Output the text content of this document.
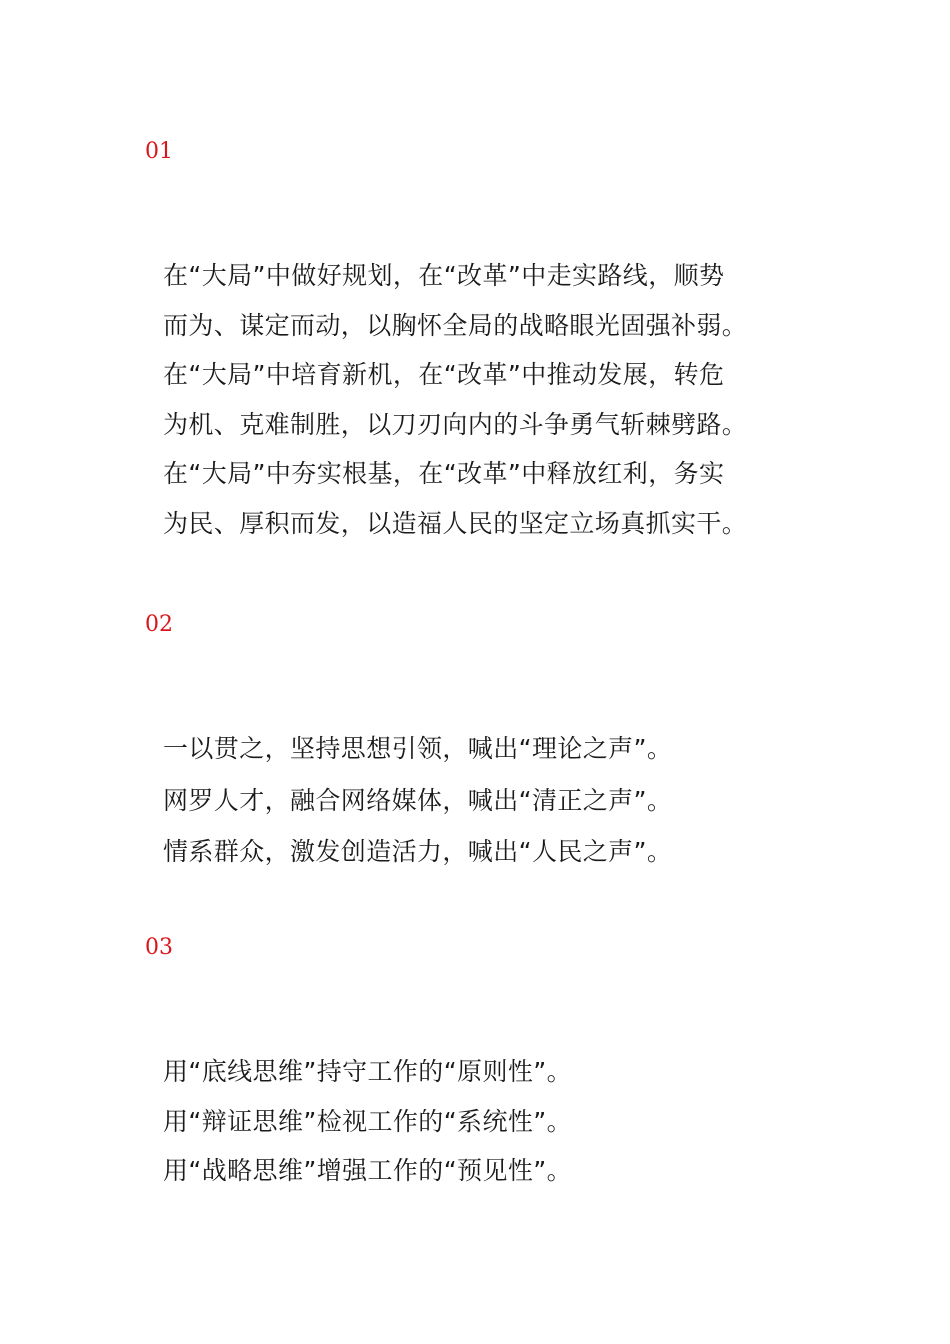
01

在“大局”中做好规划，在“改革”中走实路线，顺势
而为、谋定而动，以胸怀全局的战略眼光固强补弱。
在“大局”中培育新机，在“改革”中推动发展，转危
为机、克难制胜，以刀刃向内的斗争勇气斩棘劈路。
在“大局”中夯实根基，在“改革”中释放红利，务实
为民、厚积而发，以造福人民的坚定立场真抓实干。

02

一以贯之，坚持思想引领，喊出“理论之声”。
网罗人才，融合网络媒体，喊出“清正之声”。
情系群众，激发创造活力，喊出“人民之声”。

03

用“底线思维”持守工作的“原则性”。
用“辩证思维”检视工作的“系统性”。
用“战略思维”增强工作的“预见性”。
